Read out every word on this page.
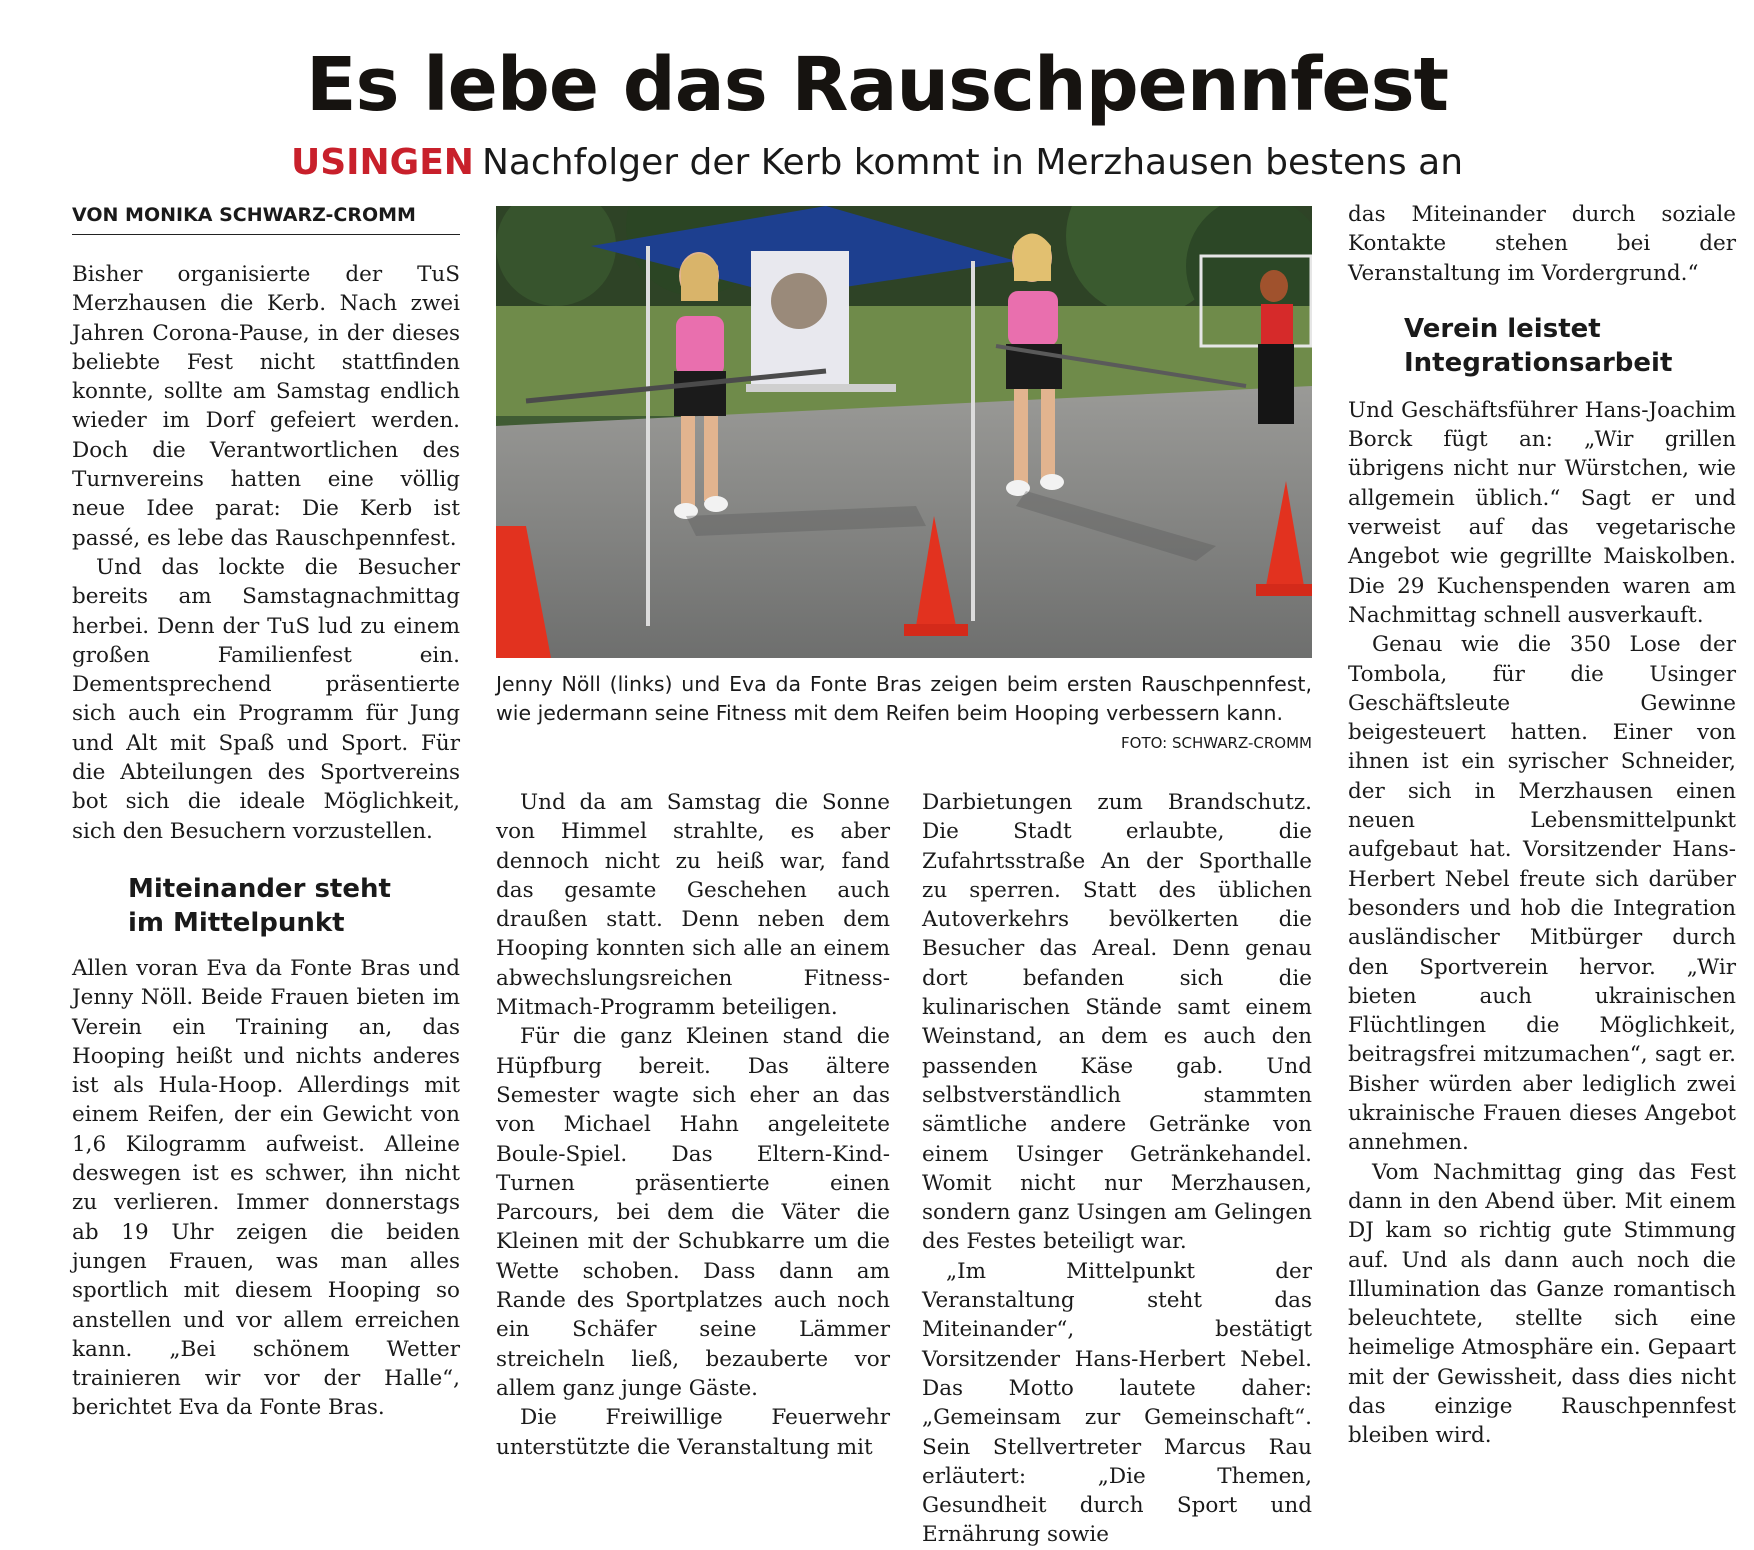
Es lebe das Rauschpennfest
USINGEN Nachfolger der Kerb kommt in Merzhausen bestens an
VON MONIKA SCHWARZ-CROMM

Bisher organisierte der TuS Merzhausen die Kerb. Nach zwei Jahren Corona-Pause, in der dieses beliebte Fest nicht stattfinden konnte, sollte am Samstag endlich wieder im Dorf gefeiert werden. Doch die Verantwortlichen des Turnvereins hatten eine völlig neue Idee parat: Die Kerb ist passé, es lebe das Rauschpennfest.

Und das lockte die Besucher bereits am Samstagnachmittag herbei. Denn der TuS lud zu einem großen Familienfest ein. Dementsprechend präsentierte sich auch ein Programm für Jung und Alt mit Spaß und Sport. Für die Abteilungen des Sportvereins bot sich die ideale Möglichkeit, sich den Besuchern vorzustellen.

Miteinander steht
im Mittelpunkt

Allen voran Eva da Fonte Bras und Jenny Nöll. Beide Frauen bieten im Verein ein Training an, das Hooping heißt und nichts anderes ist als Hula-Hoop. Allerdings mit einem Reifen, der ein Gewicht von 1,6 Kilogramm aufweist. Alleine deswegen ist es schwer, ihn nicht zu verlieren. Immer donnerstags ab 19 Uhr zeigen die beiden jungen Frauen, was man alles sportlich mit diesem Hooping so anstellen und vor allem erreichen kann. „Bei schönem Wetter trainieren wir vor der Halle“, berichtet Eva da Fonte Bras.

Jenny Nöll (links) und Eva da Fonte Bras zeigen beim ersten Rauschpennfest, wie jedermann seine Fitness mit dem Reifen beim Hooping verbessern kann.
FOTO: SCHWARZ-CROMM

Und da am Samstag die Sonne von Himmel strahlte, es aber dennoch nicht zu heiß war, fand das gesamte Geschehen auch draußen statt. Denn neben dem Hooping konnten sich alle an einem abwechslungsreichen Fitness-Mitmach-Programm beteiligen.

Für die ganz Kleinen stand die Hüpfburg bereit. Das ältere Semester wagte sich eher an das von Michael Hahn angeleitete Boule-Spiel. Das Eltern-Kind-Turnen präsentierte einen Parcours, bei dem die Väter die Kleinen mit der Schubkarre um die Wette schoben. Dass dann am Rande des Sportplatzes auch noch ein Schäfer seine Lämmer streicheln ließ, bezauberte vor allem ganz junge Gäste.

Die Freiwillige Feuerwehr unterstützte die Veranstaltung mit

Darbietungen zum Brandschutz. Die Stadt erlaubte, die Zufahrtsstraße An der Sporthalle zu sperren. Statt des üblichen Autoverkehrs bevölkerten die Besucher das Areal. Denn genau dort befanden sich die kulinarischen Stände samt einem Weinstand, an dem es auch den passenden Käse gab. Und selbstverständlich stammten sämtliche andere Getränke von einem Usinger Getränkehandel. Womit nicht nur Merzhausen, sondern ganz Usingen am Gelingen des Festes beteiligt war.

„Im Mittelpunkt der Veranstaltung steht das Miteinander“, bestätigt Vorsitzender Hans-Herbert Nebel. Das Motto lautete daher: „Gemeinsam zur Gemeinschaft“. Sein Stellvertreter Marcus Rau erläutert: „Die Themen, Gesundheit durch Sport und Ernährung sowie

das Miteinander durch soziale Kontakte stehen bei der Veranstaltung im Vordergrund.“

Verein leistet
Integrationsarbeit

Und Geschäftsführer Hans-Joachim Borck fügt an: „Wir grillen übrigens nicht nur Würstchen, wie allgemein üblich.“ Sagt er und verweist auf das vegetarische Angebot wie gegrillte Maiskolben. Die 29 Kuchenspenden waren am Nachmittag schnell ausverkauft.

Genau wie die 350 Lose der Tombola, für die Usinger Geschäftsleute Gewinne beigesteuert hatten. Einer von ihnen ist ein syrischer Schneider, der sich in Merzhausen einen neuen Lebensmittelpunkt aufgebaut hat. Vorsitzender Hans-Herbert Nebel freute sich darüber besonders und hob die Integration ausländischer Mitbürger durch den Sportverein hervor. „Wir bieten auch ukrainischen Flüchtlingen die Möglichkeit, beitragsfrei mitzumachen“, sagt er. Bisher würden aber lediglich zwei ukrainische Frauen dieses Angebot annehmen.

Vom Nachmittag ging das Fest dann in den Abend über. Mit einem DJ kam so richtig gute Stimmung auf. Und als dann auch noch die Illumination das Ganze romantisch beleuchtete, stellte sich eine heimelige Atmosphäre ein. Gepaart mit der Gewissheit, dass dies nicht das einzige Rauschpennfest bleiben wird.
